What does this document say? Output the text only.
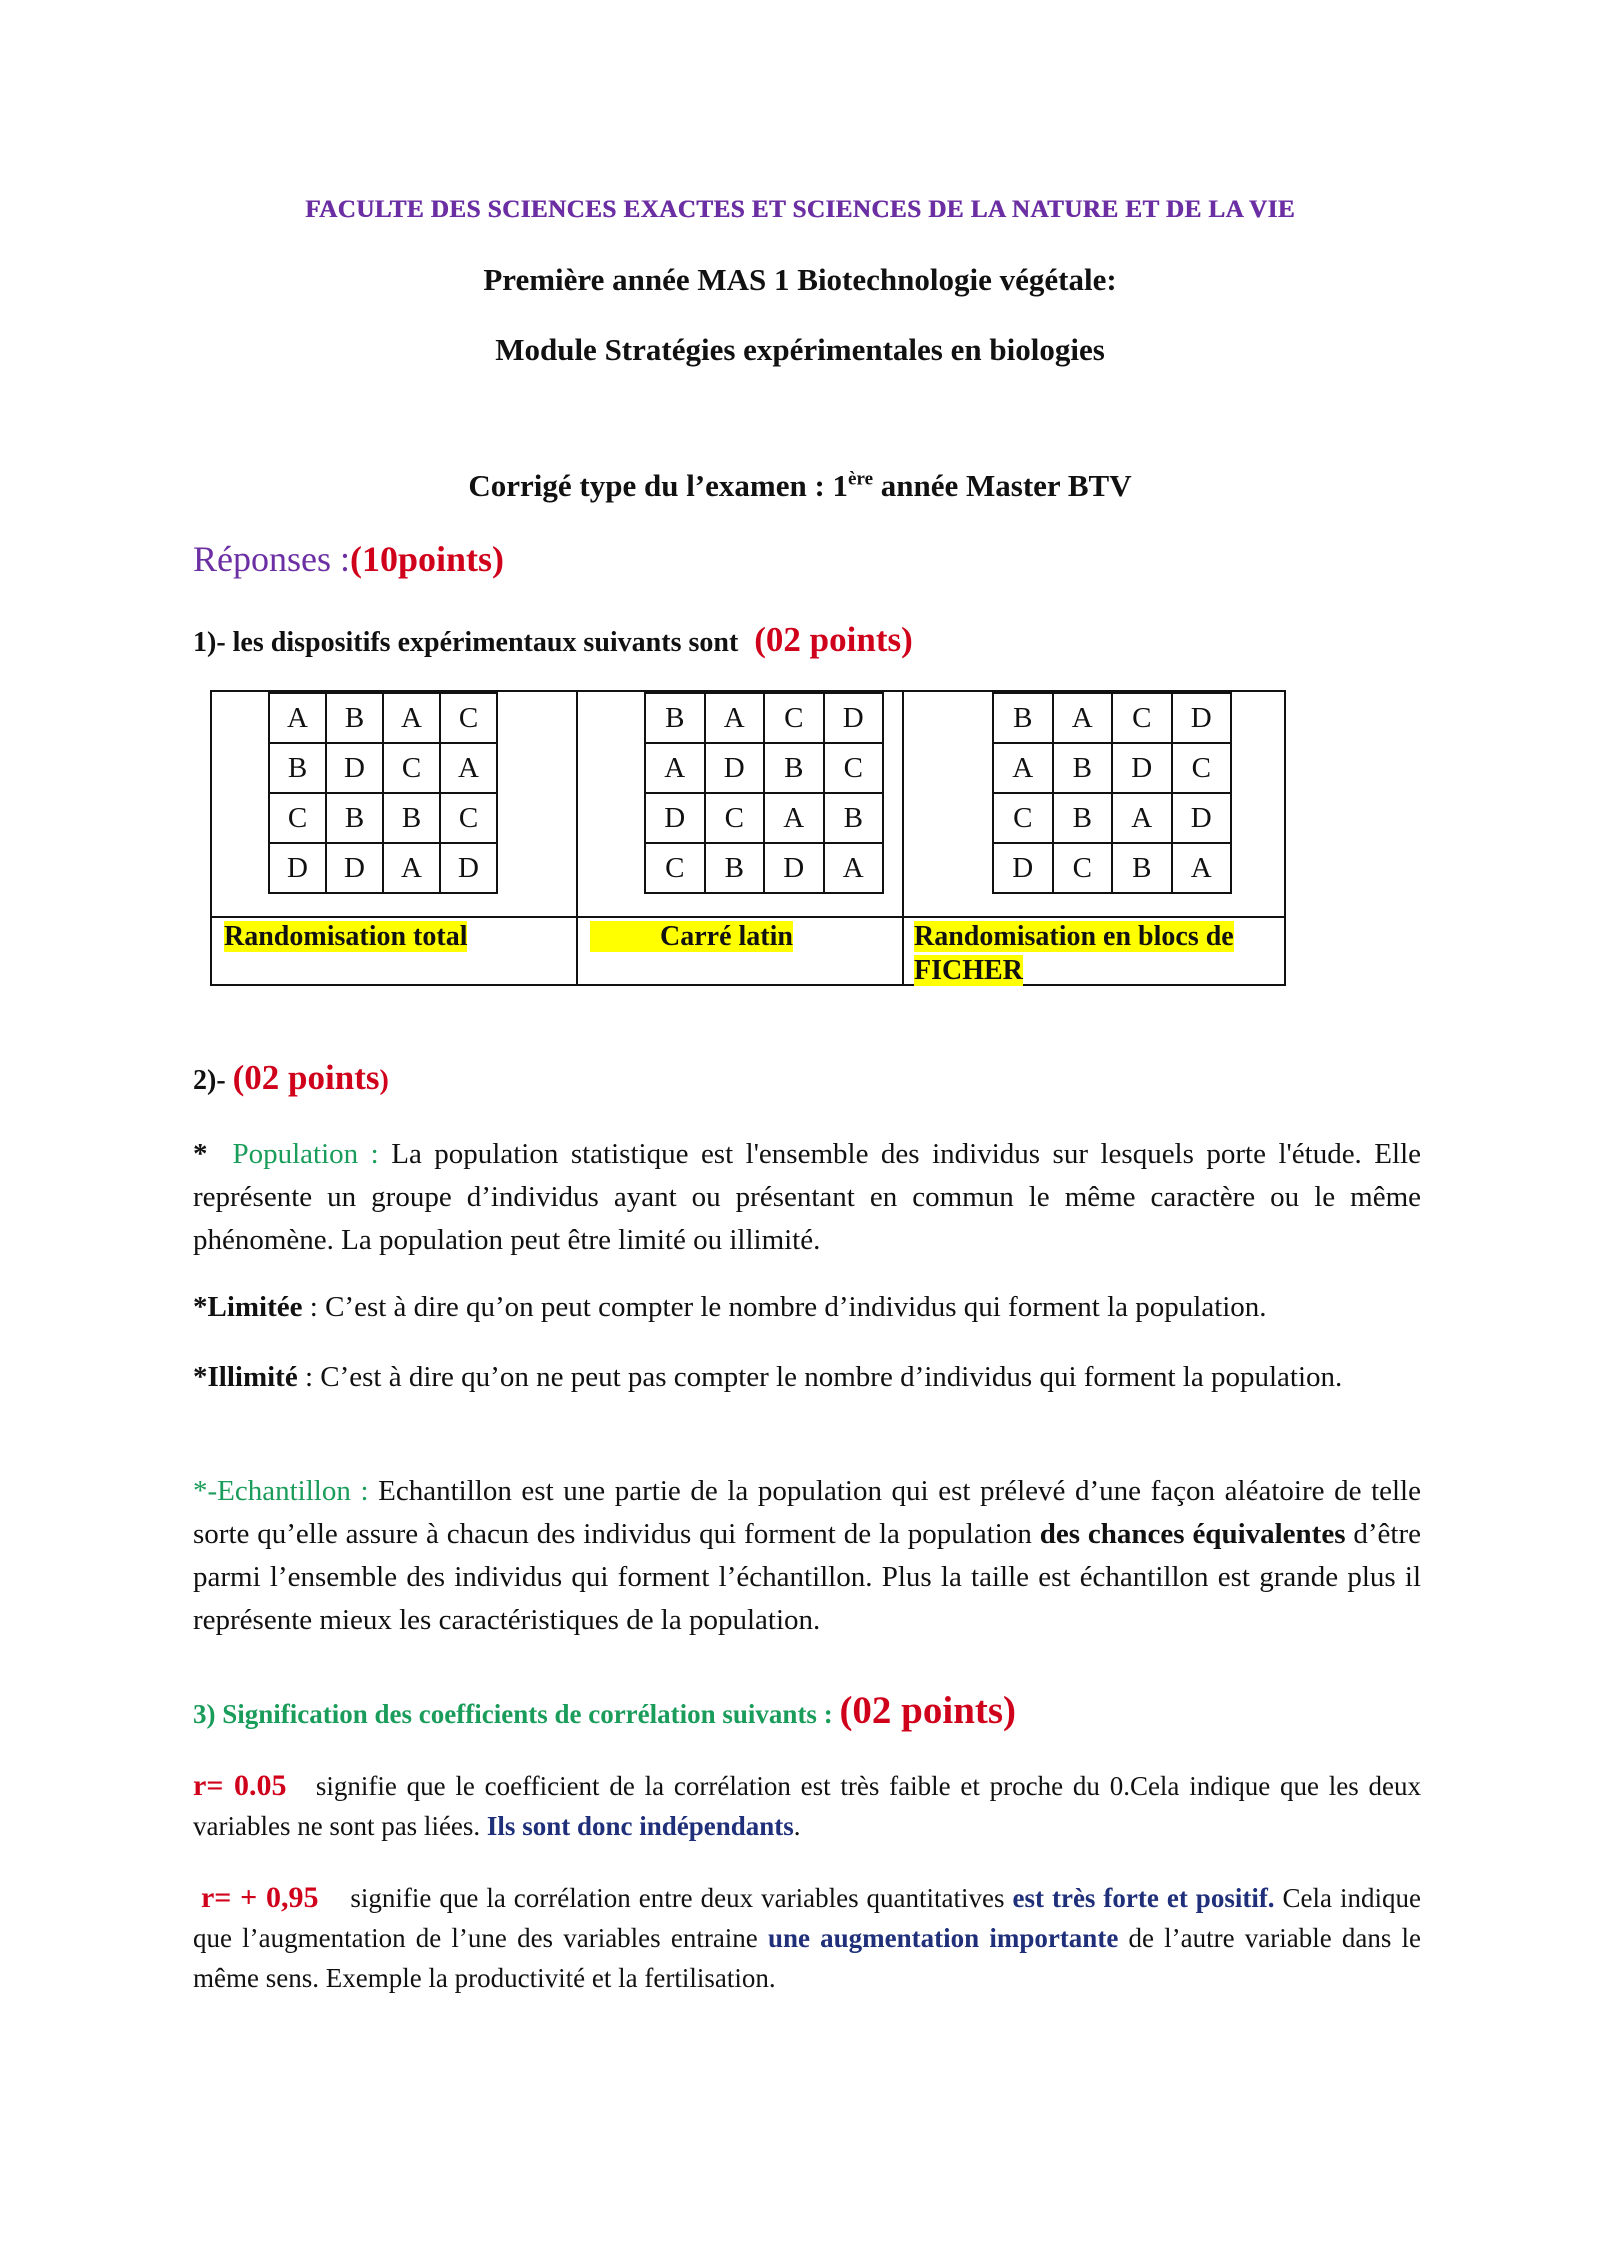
FACULTE DES SCIENCES EXACTES ET SCIENCES DE LA NATURE ET DE LA VIE
Première année MAS 1 Biotechnologie végétale:
Module Stratégies expérimentales en biologies
Corrigé type du l’examen : 1ère année Master BTV
Réponses :(10points)
1)- les dispositifs expérimentaux suivants sont (02 points)
A	B	A	C
B	D	C	A
C	B	B	C
D	D	A	D
B	A	C	D
A	D	B	C
D	C	A	B
C	B	D	A
B	A	C	D
A	B	D	C
C	B	A	D
D	C	B	A
Randomisation total	Carré latin	Randomisation en blocs de
FICHER
2)- (02 points)
* Population : La population statistique est l'ensemble des individus sur lesquels porte l'étude. Elle représente un groupe d’individus ayant ou présentant en commun le même caractère ou le même phénomène. La population peut être limité ou illimité.
*Limitée : C’est à dire qu’on peut compter le nombre d’individus qui forment la population.
*Illimité : C’est à dire qu’on ne peut pas compter le nombre d’individus qui forment la population.
*-Echantillon : Echantillon est une partie de la population qui est prélevé d’une façon aléatoire de telle sorte qu’elle assure à chacun des individus qui forment de la population des chances équivalentes d’être parmi l’ensemble des individus qui forment l’échantillon. Plus la taille est échantillon est grande plus il représente mieux les caractéristiques de la population.
3) Signification des coefficients de corrélation suivants : (02 points)
r= 0.05 signifie que le coefficient de la corrélation est très faible et proche du 0.Cela indique que les deux variables ne sont pas liées. Ils sont donc indépendants.
r= + 0,95 signifie que la corrélation entre deux variables quantitatives est très forte et positif. Cela indique que l’augmentation de l’une des variables entraine une augmentation importante de l’autre variable dans le même sens. Exemple la productivité et la fertilisation.
